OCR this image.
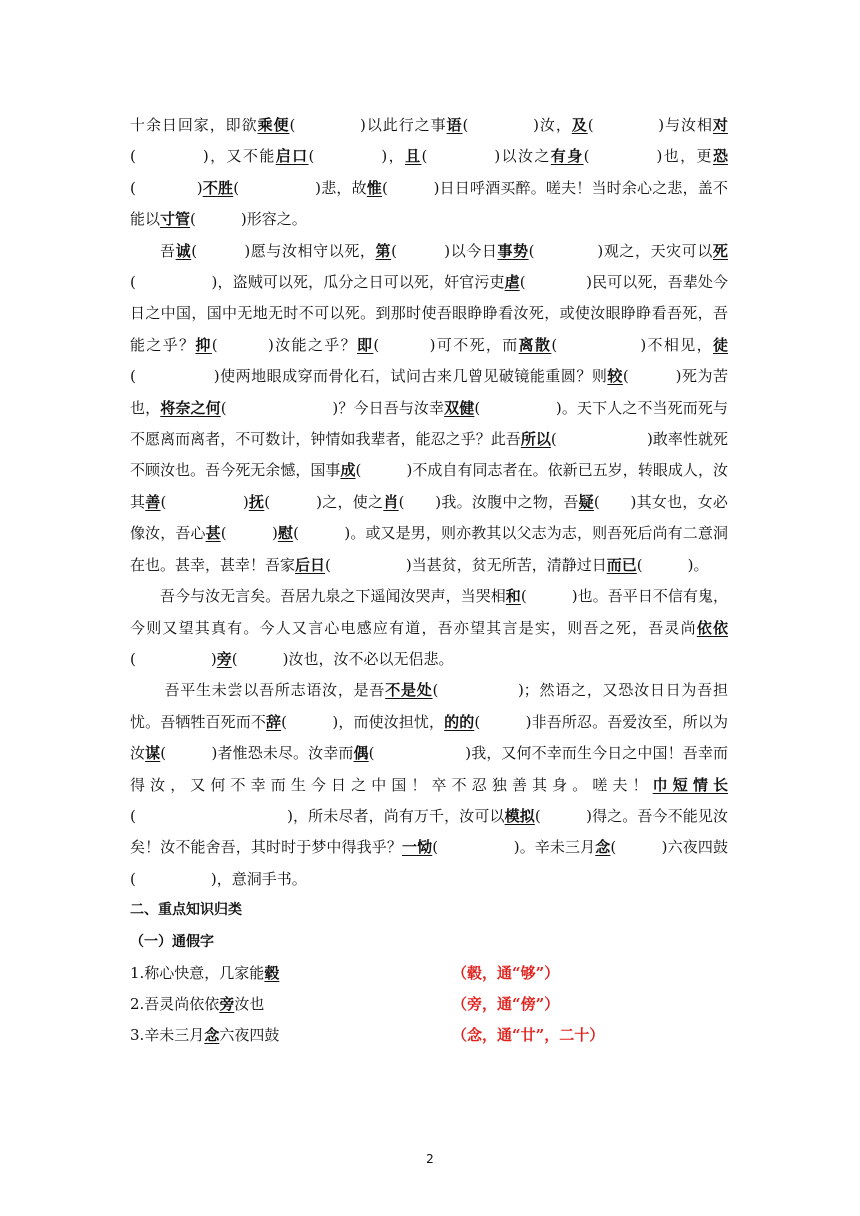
十余日回家，即欲乘便(　　　　)以此行之事语(　　　　)汝，及(　　　　)与汝相对(　　　　)，又不能启口(　　　　)，且(　　　　)以汝之有身(　　　　)也，更恐(　　　　)不胜(　　　　　)悲，故惟(　　　)日日呼酒买醉。嗟夫！当时余心之悲，盖不能以寸管(　　　)形容之。

吾诚(　　　)愿与汝相守以死，第(　　　)以今日事势(　　　　)观之，天灾可以死(　　　　　)，盗贼可以死，瓜分之日可以死，奸官污吏虐(　　　　)民可以死，吾辈处今日之中国，国中无地无时不可以死。到那时使吾眼睁睁看汝死，或使汝眼睁睁看吾死，吾能之乎？抑(　　　)汝能之乎？即(　　　)可不死，而离散(　　　　　)不相见，徒(　　　　　)使两地眼成穿而骨化石，试问古来几曾见破镜能重圆？则较(　　　)死为苦也，将奈之何(　　　　　　　)？今日吾与汝幸双健(　　　　　)。天下人之不当死而死与不愿离而离者，不可数计，钟情如我辈者，能忍之乎？此吾所以(　　　　　　)敢率性就死不顾汝也。吾今死无余憾，国事成(　　　)不成自有同志者在。依新已五岁，转眼成人，汝其善(　　　　　)抚(　　　)之，使之肖(　　)我。汝腹中之物，吾疑(　　)其女也，女必像汝，吾心甚(　　　)慰(　　　)。或又是男，则亦教其以父志为志，则吾死后尚有二意洞在也。甚幸，甚幸！吾家后日(　　　　　)当甚贫，贫无所苦，清静过日而已(　　　)。

吾今与汝无言矣。吾居九泉之下遥闻汝哭声，当哭相和(　　　)也。吾平日不信有鬼，今则又望其真有。今人又言心电感应有道，吾亦望其言是实，则吾之死，吾灵尚依依(　　　　　)旁(　　　)汝也，汝不必以无侣悲。

吾平生未尝以吾所志语汝，是吾不是处(　　　　　)；然语之，又恐汝日日为吾担忧。吾牺牲百死而不辞(　　　)，而使汝担忧，的的(　　　)非吾所忍。吾爱汝至，所以为汝谋(　　　)者惟恐未尽。汝幸而偶(　　　　　　)我，又何不幸而生今日之中国！吾幸而得汝，又何不幸而生今日之中国！卒不忍独善其身。嗟夫！巾短情长(　　　　　　　　　　)，所未尽者，尚有万千，汝可以模拟(　　　)得之。吾今不能见汝矣！汝不能舍吾，其时时于梦中得我乎？一恸(　　　　　)。辛未三月念(　　　)六夜四鼓(　　　　　)，意洞手书。

二、重点知识归类

（一）通假字

1.称心快意，几家能毂	（毂，通“够”）
2.吾灵尚依依旁汝也	（旁，通“傍”）
3.辛未三月念六夜四鼓	（念，通“廿”，二十）
2
